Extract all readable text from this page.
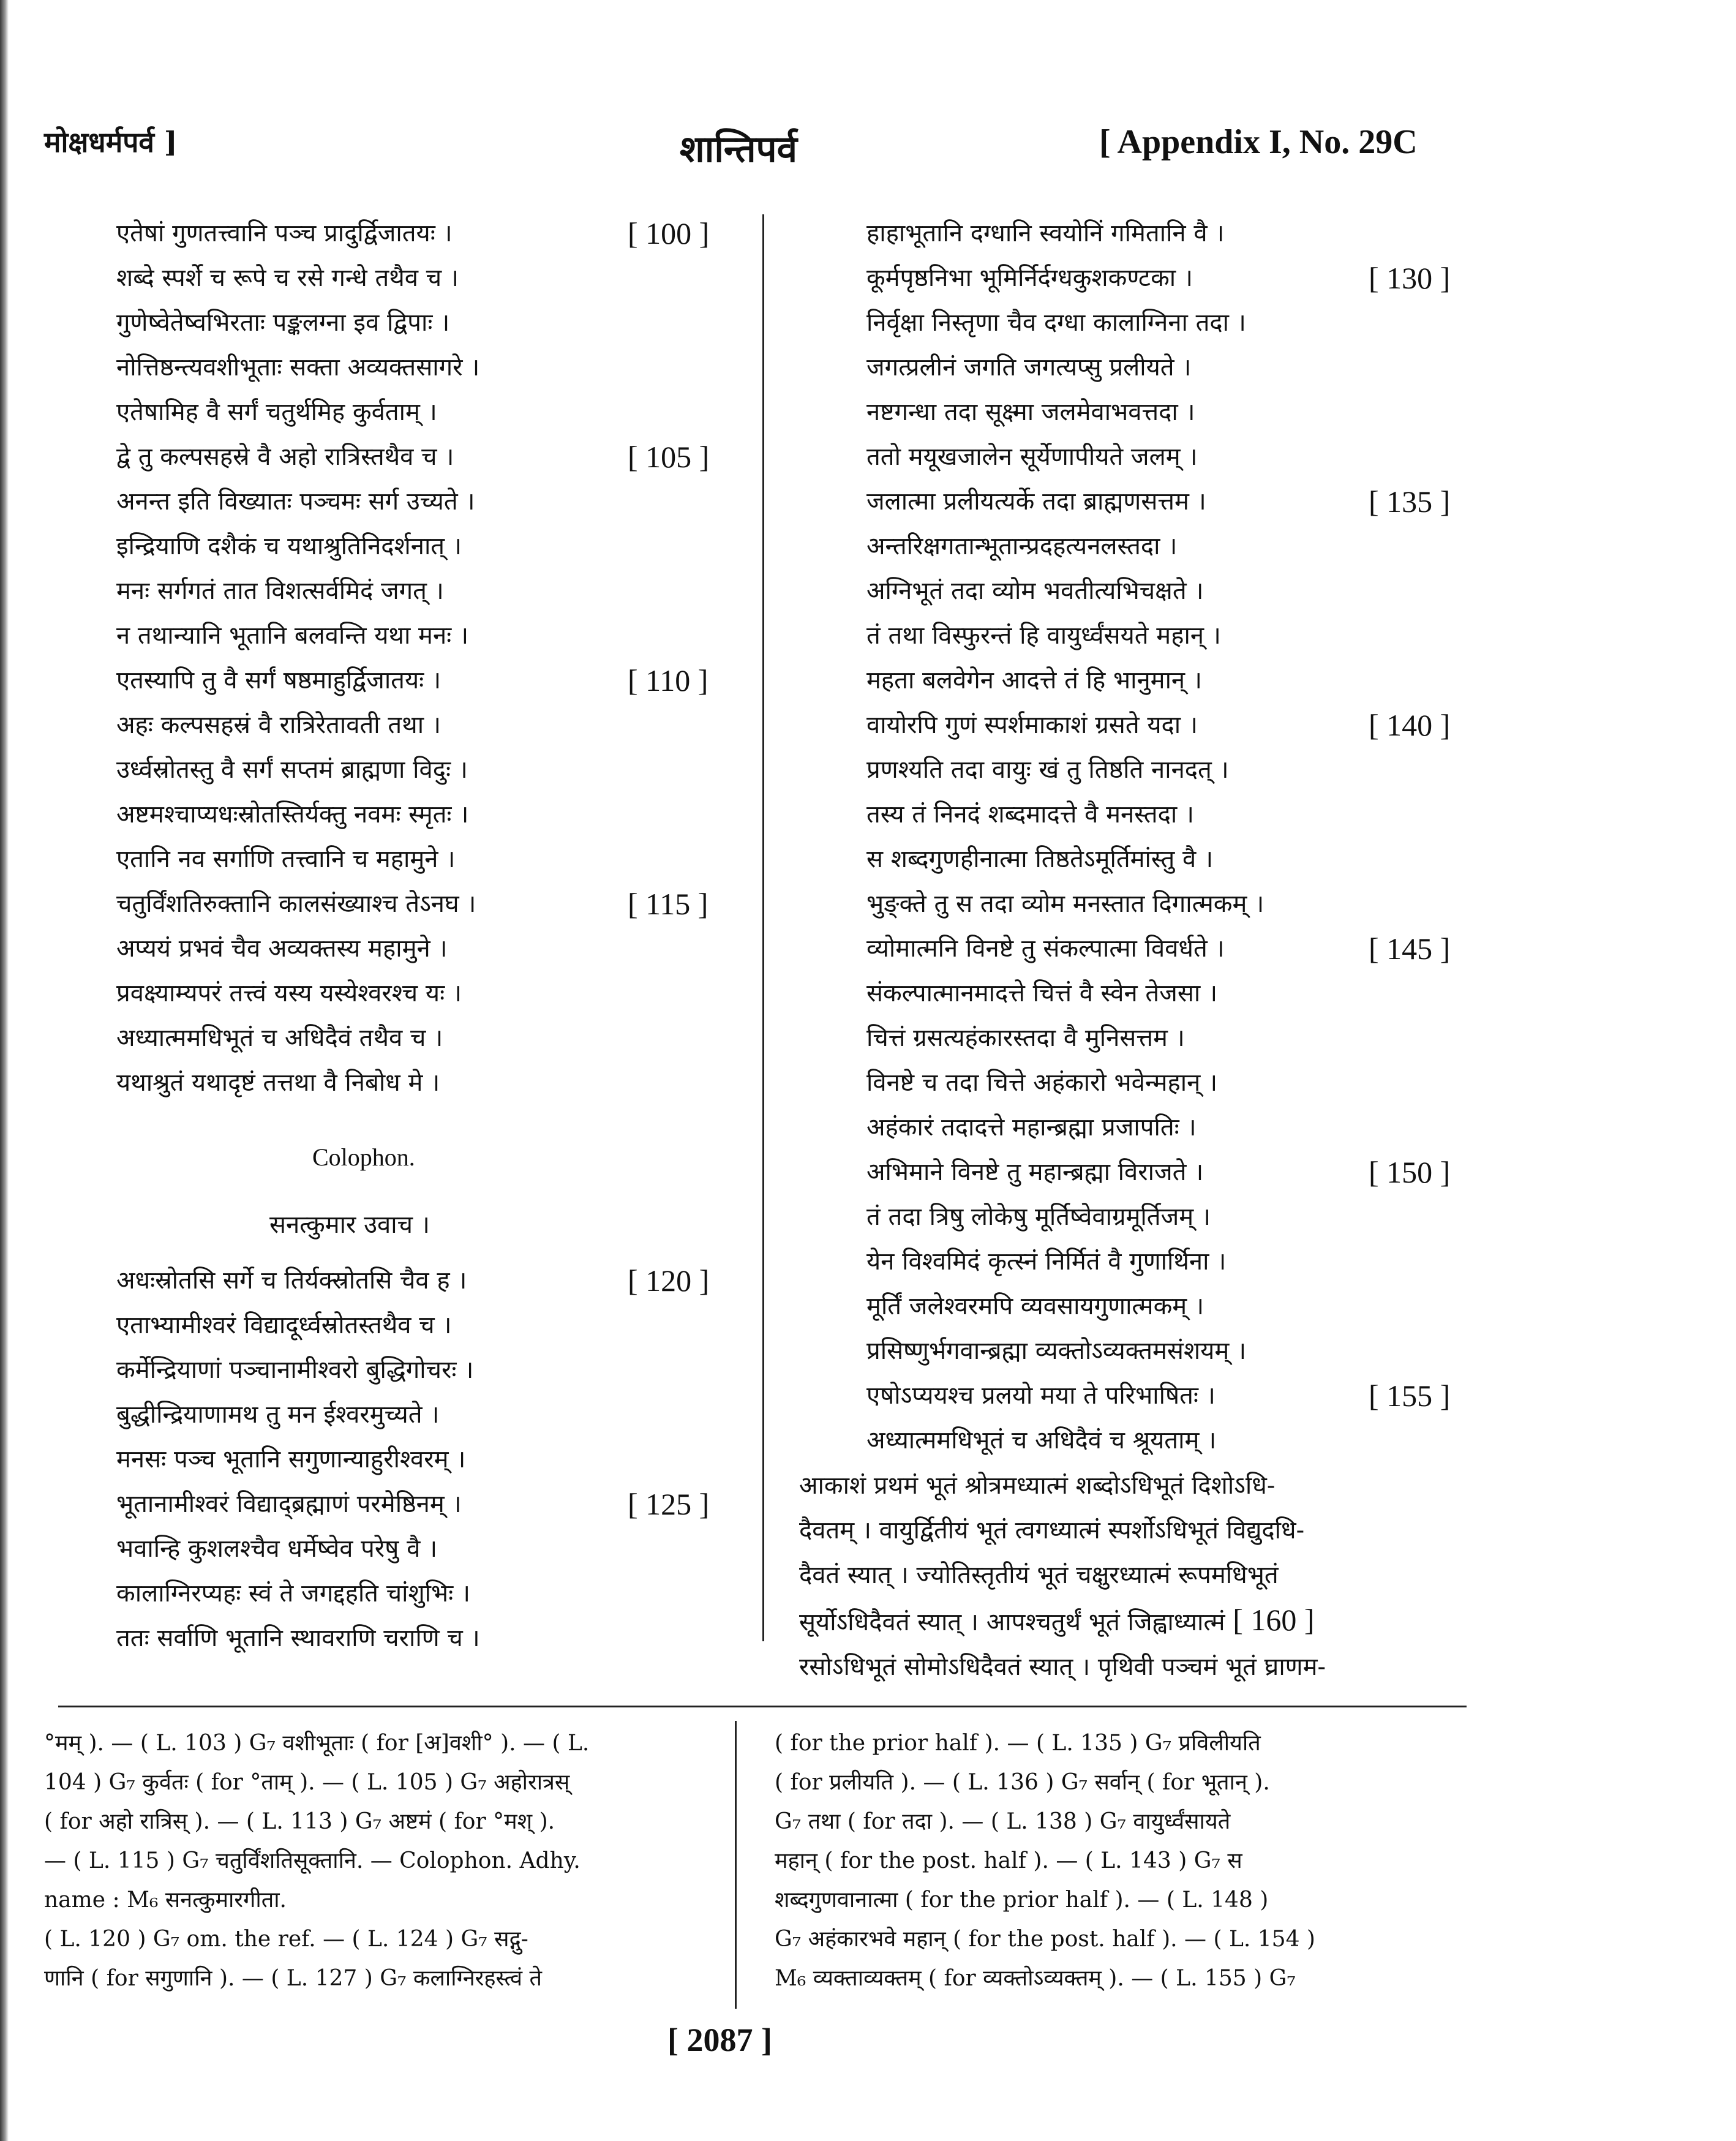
मोक्षधर्मपर्व ]	शान्तिपर्व	[ Appendix I, No. 29C
एतेषां गुणतत्त्वानि पञ्च प्रादुर्द्विजातयः ।	[ 100 ]
शब्दे स्पर्शे च रूपे च रसे गन्धे तथैव च ।
गुणेष्वेतेष्वभिरताः पङ्कलग्ना इव द्विपाः ।
नोत्तिष्ठन्त्यवशीभूताः सक्ता अव्यक्तसागरे ।
एतेषामिह वै सर्गं चतुर्थमिह कुर्वताम् ।
द्वे तु कल्पसहस्रे वै अहो रात्रिस्तथैव च ।	[ 105 ]
अनन्त इति विख्यातः पञ्चमः सर्ग उच्यते ।
इन्द्रियाणि दशैकं च यथाश्रुतिनिदर्शनात् ।
मनः सर्गगतं तात विशत्सर्वमिदं जगत् ।
न तथान्यानि भूतानि बलवन्ति यथा मनः ।
एतस्यापि तु वै सर्गं षष्ठमाहुर्द्विजातयः ।	[ 110 ]
अहः कल्पसहस्रं वै रात्रिरेतावती तथा ।
उर्ध्वस्रोतस्तु वै सर्गं सप्तमं ब्राह्मणा विदुः ।
अष्टमश्चाप्यधःस्रोतस्तिर्यक्तु नवमः स्मृतः ।
एतानि नव सर्गाणि तत्त्वानि च महामुने ।
चतुर्विंशतिरुक्तानि कालसंख्याश्च तेऽनघ ।	[ 115 ]
अप्ययं प्रभवं चैव अव्यक्तस्य महामुने ।
प्रवक्ष्याम्यपरं तत्त्वं यस्य यस्येश्वरश्च यः ।
अध्यात्ममधिभूतं च अधिदैवं तथैव च ।
यथाश्रुतं यथादृष्टं तत्तथा वै निबोध मे ।
Colophon.
सनत्कुमार उवाच ।
अधःस्रोतसि सर्गे च तिर्यक्स्रोतसि चैव ह ।	[ 120 ]
एताभ्यामीश्वरं विद्यादूर्ध्वस्रोतस्तथैव च ।
कर्मेन्द्रियाणां पञ्चानामीश्वरो बुद्धिगोचरः ।
बुद्धीन्द्रियाणामथ तु मन ईश्वरमुच्यते ।
मनसः पञ्च भूतानि सगुणान्याहुरीश्वरम् ।
भूतानामीश्वरं विद्याद्ब्रह्माणं परमेष्ठिनम् ।	[ 125 ]
भवान्हि कुशलश्चैव धर्मेष्वेव परेषु वै ।
कालाग्निरप्यहः स्वं ते जगद्दहति चांशुभिः ।
ततः सर्वाणि भूतानि स्थावराणि चराणि च ।
हाहाभूतानि दग्धानि स्वयोनिं गमितानि वै ।
कूर्मपृष्ठनिभा भूमिर्निर्दग्धकुशकण्टका ।	[ 130 ]
निर्वृक्षा निस्तृणा चैव दग्धा कालाग्निना तदा ।
जगत्प्रलीनं जगति जगत्यप्सु प्रलीयते ।
नष्टगन्धा तदा सूक्ष्मा जलमेवाभवत्तदा ।
ततो मयूखजालेन सूर्येणापीयते जलम् ।
जलात्मा प्रलीयत्यर्के तदा ब्राह्मणसत्तम ।	[ 135 ]
अन्तरिक्षगतान्भूतान्प्रदहत्यनलस्तदा ।
अग्निभूतं तदा व्योम भवतीत्यभिचक्षते ।
तं तथा विस्फुरन्तं हि वायुर्ध्वंसयते महान् ।
महता बलवेगेन आदत्ते तं हि भानुमान् ।
वायोरपि गुणं स्पर्शमाकाशं ग्रसते यदा ।	[ 140 ]
प्रणश्यति तदा वायुः खं तु तिष्ठति नानदत् ।
तस्य तं निनदं शब्दमादत्ते वै मनस्तदा ।
स शब्दगुणहीनात्मा तिष्ठतेऽमूर्तिमांस्तु वै ।
भुङ्क्ते तु स तदा व्योम मनस्तात दिगात्मकम् ।
व्योमात्मनि विनष्टे तु संकल्पात्मा विवर्धते ।	[ 145 ]
संकल्पात्मानमादत्ते चित्तं वै स्वेन तेजसा ।
चित्तं ग्रसत्यहंकारस्तदा वै मुनिसत्तम ।
विनष्टे च तदा चित्ते अहंकारो भवेन्महान् ।
अहंकारं तदादत्ते महान्ब्रह्मा प्रजापतिः ।
अभिमाने विनष्टे तु महान्ब्रह्मा विराजते ।	[ 150 ]
तं तदा त्रिषु लोकेषु मूर्तिष्वेवाग्रमूर्तिजम् ।
येन विश्वमिदं कृत्स्नं निर्मितं वै गुणार्थिना ।
मूर्तिं जलेश्वरमपि व्यवसायगुणात्मकम् ।
प्रसिष्णुर्भगवान्ब्रह्मा व्यक्तोऽव्यक्तमसंशयम् ।
एषोऽप्ययश्च प्रलयो मया ते परिभाषितः ।	[ 155 ]
अध्यात्ममधिभूतं च अधिदैवं च श्रूयताम् ।
आकाशं प्रथमं भूतं श्रोत्रमध्यात्मं शब्दोऽधिभूतं दिशोऽधि-
दैवतम् । वायुर्द्वितीयं भूतं त्वगध्यात्मं स्पर्शोऽधिभूतं विद्युदधि-
दैवतं स्यात् । ज्योतिस्तृतीयं भूतं चक्षुरध्यात्मं रूपमधिभूतं
सूर्योऽधिदैवतं स्यात् । आपश्चतुर्थं भूतं जिह्वाध्यात्मं [ 160 ]
रसोऽधिभूतं सोमोऽधिदैवतं स्यात् । पृथिवी पञ्चमं भूतं घ्राणम-
°मम् ). — ( L. 103 ) G₇ वशीभूताः ( for [अ]वशी° ). — ( L.
104 ) G₇ कुर्वतः ( for °ताम् ). — ( L. 105 ) G₇ अहोरात्रस्
( for अहो रात्रिस् ). — ( L. 113 ) G₇ अष्टमं ( for °मश् ).
— ( L. 115 ) G₇ चतुर्विंशतिसूक्तानि. — Colophon. Adhy.
name : M₆ सनत्कुमारगीता.
( L. 120 ) G₇ om. the ref. — ( L. 124 ) G₇ सद्गु-
णानि ( for सगुणानि ). — ( L. 127 ) G₇ कलाग्निरहस्त्वं ते
( for the prior half ). — ( L. 135 ) G₇ प्रविलीयति
( for प्रलीयति ). — ( L. 136 ) G₇ सर्वान् ( for भूतान् ).
G₇ तथा ( for तदा ). — ( L. 138 ) G₇ वायुर्ध्वंसायते
महान् ( for the post. half ). — ( L. 143 ) G₇ स
शब्दगुणवानात्मा ( for the prior half ). — ( L. 148 )
G₇ अहंकारभवे महान् ( for the post. half ). — ( L. 154 )
M₆ व्यक्ताव्यक्तम् ( for व्यक्तोऽव्यक्तम् ). — ( L. 155 ) G₇
[ 2087 ]
